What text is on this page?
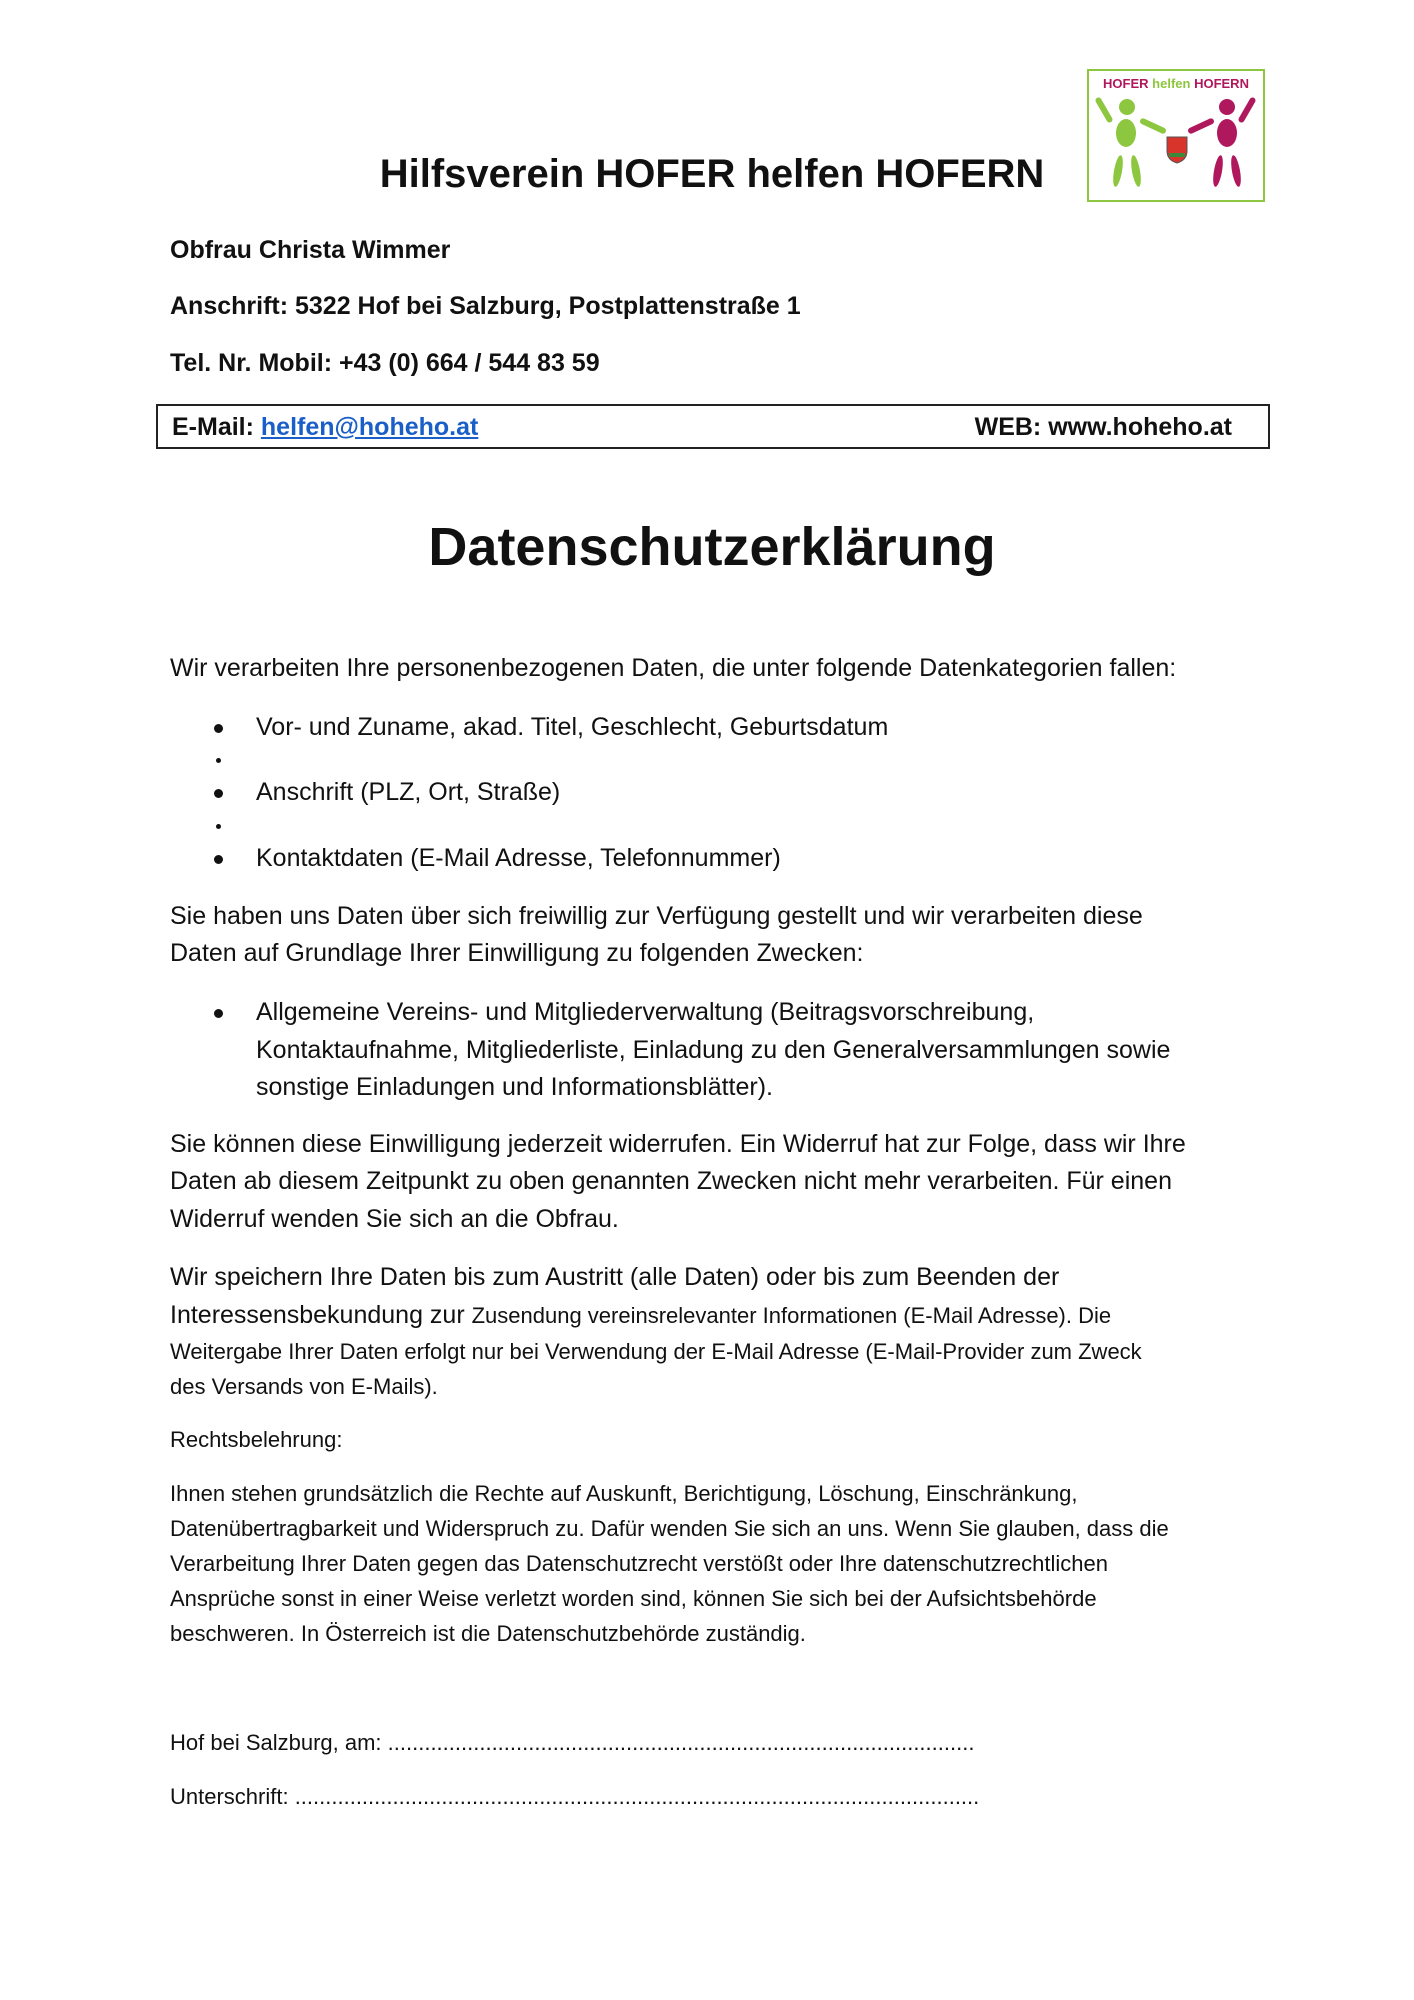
Hilfsverein HOFER helfen HOFERN
HOFER helfen HOFERN
Obfrau Christa Wimmer
Anschrift: 5322 Hof bei Salzburg, Postplattenstraße 1
Tel. Nr. Mobil: +43 (0) 664 / 544 83 59
E-Mail: helfen@hoheho.at	WEB: www.hoheho.at
Datenschutzerklärung
Wir verarbeiten Ihre personenbezogenen Daten, die unter folgende Datenkategorien fallen:
Vor- und Zuname, akad. Titel, Geschlecht, Geburtsdatum
Anschrift (PLZ, Ort, Straße)
Kontaktdaten (E-Mail Adresse, Telefonnummer)
Sie haben uns Daten über sich freiwillig zur Verfügung gestellt und wir verarbeiten diese
Daten auf Grundlage Ihrer Einwilligung zu folgenden Zwecken:
Allgemeine Vereins- und Mitgliederverwaltung (Beitragsvorschreibung,
Kontaktaufnahme, Mitgliederliste, Einladung zu den Generalversammlungen sowie
sonstige Einladungen und Informationsblätter).
Sie können diese Einwilligung jederzeit widerrufen. Ein Widerruf hat zur Folge, dass wir Ihre
Daten ab diesem Zeitpunkt zu oben genannten Zwecken nicht mehr verarbeiten. Für einen
Widerruf wenden Sie sich an die Obfrau.
Wir speichern Ihre Daten bis zum Austritt (alle Daten) oder bis zum Beenden der
Interessensbekundung zur Zusendung vereinsrelevanter Informationen (E-Mail Adresse). Die
Weitergabe Ihrer Daten erfolgt nur bei Verwendung der E-Mail Adresse (E-Mail-Provider zum Zweck
des Versands von E-Mails).
Rechtsbelehrung:
Ihnen stehen grundsätzlich die Rechte auf Auskunft, Berichtigung, Löschung, Einschränkung,
Datenübertragbarkeit und Widerspruch zu. Dafür wenden Sie sich an uns. Wenn Sie glauben, dass die
Verarbeitung Ihrer Daten gegen das Datenschutzrecht verstößt oder Ihre datenschutzrechtlichen
Ansprüche sonst in einer Weise verletzt worden sind, können Sie sich bei der Aufsichtsbehörde
beschweren. In Österreich ist die Datenschutzbehörde zuständig.
Hof bei Salzburg, am: ................................................................................................
Unterschrift: ................................................................................................................
